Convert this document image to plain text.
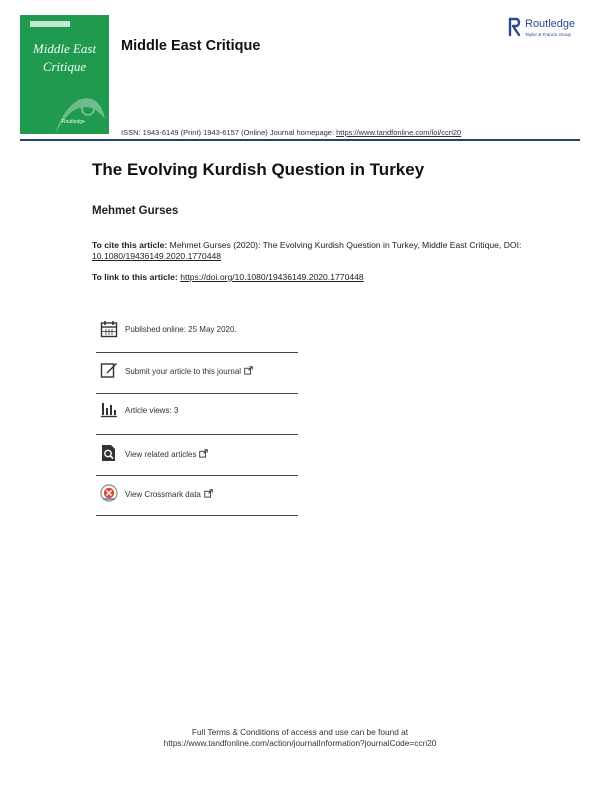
Middle East
Critique
Routledge
Middle East Critique
Routledge
Taylor & Francis Group
ISSN: 1943-6149 (Print) 1943-6157 (Online) Journal homepage: https://www.tandfonline.com/loi/ccri20
The Evolving Kurdish Question in Turkey
Mehmet Gurses
To cite this article: Mehmet Gurses (2020): The Evolving Kurdish Question in Turkey, Middle East Critique, DOI: 10.1080/19436149.2020.1770448
To link to this article: https://doi.org/10.1080/19436149.2020.1770448
Published online: 25 May 2020.
Submit your article to this journal
Article views: 3
View related articles
View Crossmark data
Full Terms & Conditions of access and use can be found at
https://www.tandfonline.com/action/journalInformation?journalCode=ccri20
